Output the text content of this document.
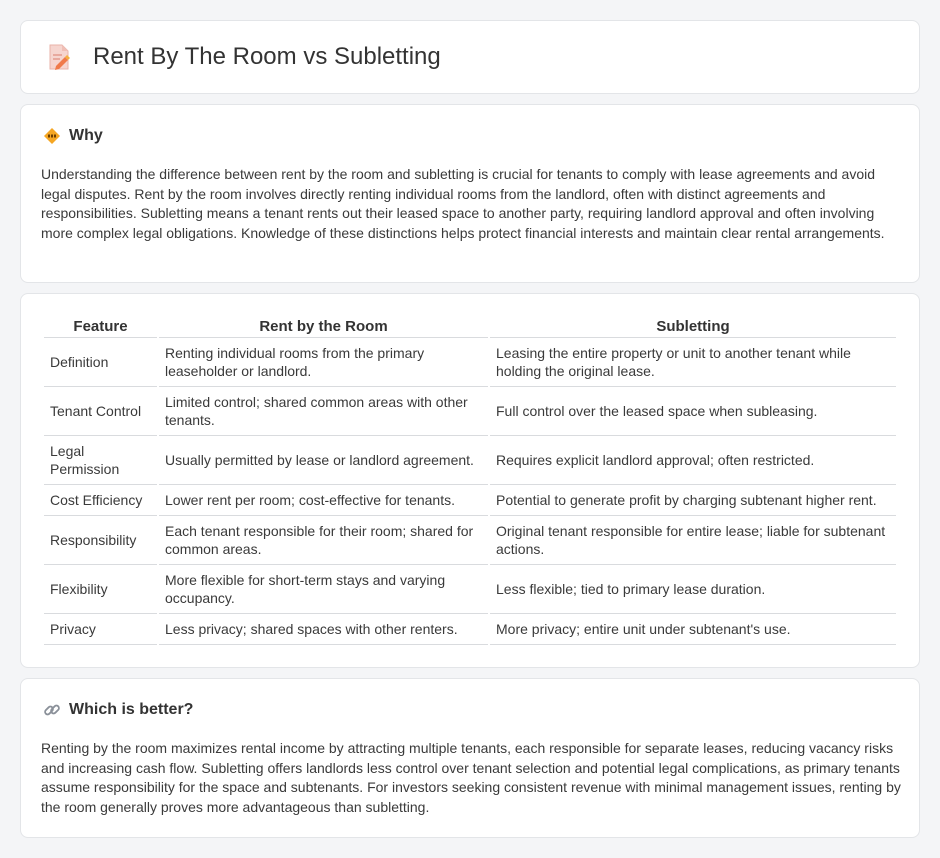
Rent By The Room vs Subletting
Why

Understanding the difference between rent by the room and subletting is crucial for tenants to comply with lease agreements and avoid legal disputes. Rent by the room involves directly renting individual rooms from the landlord, often with distinct agreements and responsibilities. Subletting means a tenant rents out their leased space to another party, requiring landlord approval and often involving more complex legal obligations. Knowledge of these distinctions helps protect financial interests and maintain clear rental arrangements.

Feature	Rent by the Room	Subletting
Definition	Renting individual rooms from the primary leaseholder or landlord.	Leasing the entire property or unit to another tenant while holding the original lease.
Tenant Control	Limited control; shared common areas with other tenants.	Full control over the leased space when subleasing.
Legal Permission	Usually permitted by lease or landlord agreement.	Requires explicit landlord approval; often restricted.
Cost Efficiency	Lower rent per room; cost-effective for tenants.	Potential to generate profit by charging subtenant higher rent.
Responsibility	Each tenant responsible for their room; shared for common areas.	Original tenant responsible for entire lease; liable for subtenant actions.
Flexibility	More flexible for short-term stays and varying occupancy.	Less flexible; tied to primary lease duration.
Privacy	Less privacy; shared spaces with other renters.	More privacy; entire unit under subtenant's use.
Which is better?

Renting by the room maximizes rental income by attracting multiple tenants, each responsible for separate leases, reducing vacancy risks and increasing cash flow. Subletting offers landlords less control over tenant selection and potential legal complications, as primary tenants assume responsibility for the space and subtenants. For investors seeking consistent revenue with minimal management issues, renting by the room generally proves more advantageous than subletting.
